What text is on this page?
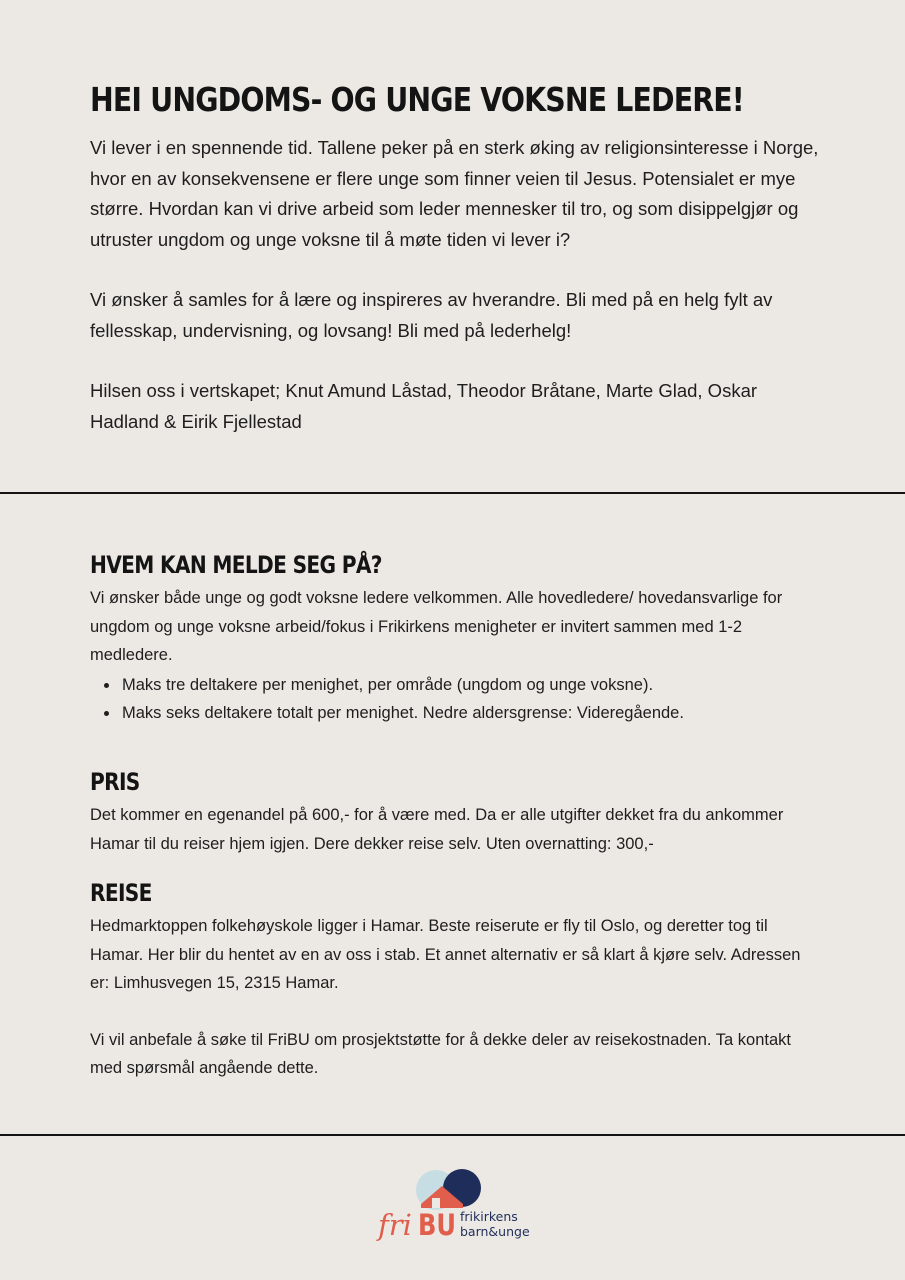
HEI UNGDOMS- OG UNGE VOKSNE LEDERE!

Vi lever i en spennende tid. Tallene peker på en sterk øking av religionsinteresse i Norge, hvor en av konsekvensene er flere unge som finner veien til Jesus. Potensialet er mye større. Hvordan kan vi drive arbeid som leder mennesker til tro, og som disippelgjør og utruster ungdom og unge voksne til å møte tiden vi lever i?

Vi ønsker å samles for å lære og inspireres av hverandre. Bli med på en helg fylt av fellesskap, undervisning, og lovsang! Bli med på lederhelg!

Hilsen oss i vertskapet; Knut Amund Låstad, Theodor Bråtane, Marte Glad, Oskar Hadland & Eirik Fjellestad

HVEM KAN MELDE SEG PÅ?

Vi ønsker både unge og godt voksne ledere velkommen. Alle hovedledere/ hovedansvarlige for ungdom og unge voksne arbeid/fokus i Frikirkens menigheter er invitert sammen med 1-2 medledere.

Maks tre deltakere per menighet, per område (ungdom og unge voksne).
Maks seks deltakere totalt per menighet. Nedre aldersgrense: Videregående.
PRIS

Det kommer en egenandel på 600,- for å være med. Da er alle utgifter dekket fra du ankommer Hamar til du reiser hjem igjen. Dere dekker reise selv. Uten overnatting: 300,-

REISE

Hedmarktoppen folkehøyskole ligger i Hamar. Beste reiserute er fly til Oslo, og deretter tog til Hamar. Her blir du hentet av en av oss i stab. Et annet alternativ er så klart å kjøre selv. Adressen er: Limhusvegen 15, 2315 Hamar.

Vi vil anbefale å søke til FriBU om prosjektstøtte for å dekke deler av reisekostnaden. Ta kontakt med spørsmål angående dette.

fri BU frikirkens
barn&unge
